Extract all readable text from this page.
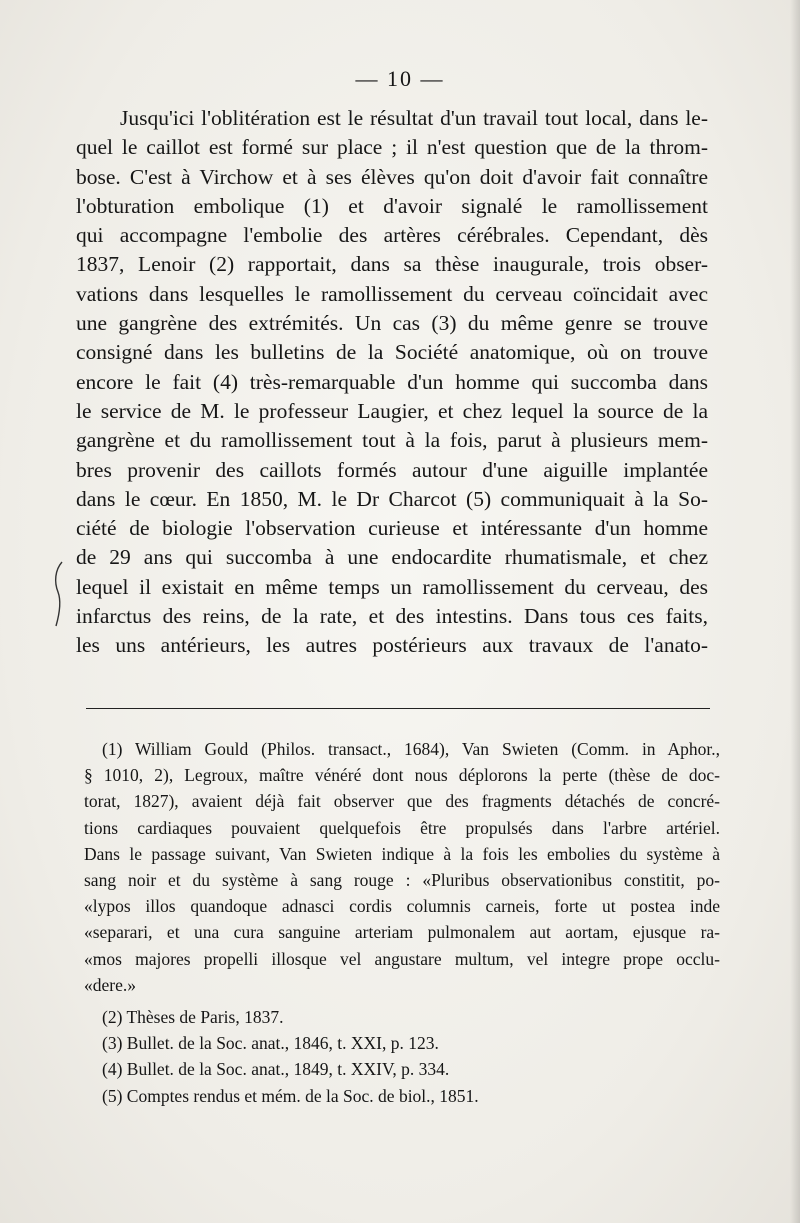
— 10 —
Jusqu'ici l'oblitération est le résultat d'un travail tout local, dans le-
quel le caillot est formé sur place ; il n'est question que de la throm-
bose. C'est à Virchow et à ses élèves qu'on doit d'avoir fait connaître
l'obturation embolique (1) et d'avoir signalé le ramollissement
qui accompagne l'embolie des artères cérébrales. Cependant, dès
1837, Lenoir (2) rapportait, dans sa thèse inaugurale, trois obser-
vations dans lesquelles le ramollissement du cerveau coïncidait avec
une gangrène des extrémités. Un cas (3) du même genre se trouve
consigné dans les bulletins de la Société anatomique, où on trouve
encore le fait (4) très-remarquable d'un homme qui succomba dans
le service de M. le professeur Laugier, et chez lequel la source de la
gangrène et du ramollissement tout à la fois, parut à plusieurs mem-
bres provenir des caillots formés autour d'une aiguille implantée
dans le cœur. En 1850, M. le Dr Charcot (5) communiquait à la So-
ciété de biologie l'observation curieuse et intéressante d'un homme
de 29 ans qui succomba à une endocardite rhumatismale, et chez
lequel il existait en même temps un ramollissement du cerveau, des
infarctus des reins, de la rate, et des intestins. Dans tous ces faits,
les uns antérieurs, les autres postérieurs aux travaux de l'anato-
(1) William Gould (Philos. transact., 1684), Van Swieten (Comm. in Aphor.,
§ 1010, 2), Legroux, maître vénéré dont nous déplorons la perte (thèse de doc-
torat, 1827), avaient déjà fait observer que des fragments détachés de concré-
tions cardiaques pouvaient quelquefois être propulsés dans l'arbre artériel.
Dans le passage suivant, Van Swieten indique à la fois les embolies du système à
sang noir et du système à sang rouge : «Pluribus observationibus constitit, po-
«lypos illos quandoque adnasci cordis columnis carneis, forte ut postea inde
«separari, et una cura sanguine arteriam pulmonalem aut aortam, ejusque ra-
«mos majores propelli illosque vel angustare multum, vel integre prope occlu-
«dere.»
(2) Thèses de Paris, 1837.
(3) Bullet. de la Soc. anat., 1846, t. XXI, p. 123.
(4) Bullet. de la Soc. anat., 1849, t. XXIV, p. 334.
(5) Comptes rendus et mém. de la Soc. de biol., 1851.
